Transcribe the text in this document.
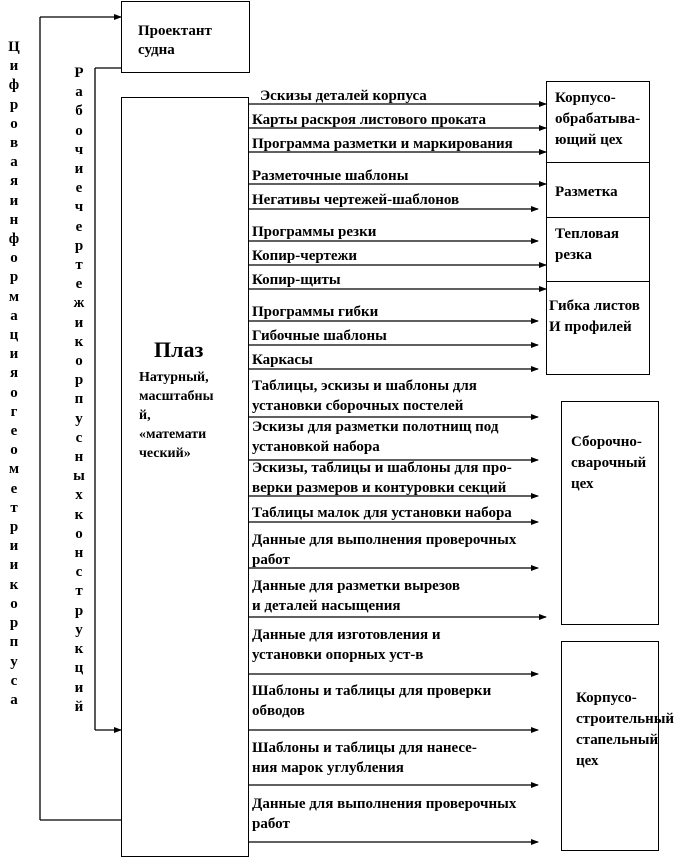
Ц
и
ф
р
о
в
а
я
и
н
ф
о
р
м
а
ц
и
я
о
г
е
о
м
е
т
р
и
и
к
о
р
п
у
с
а
Р
а
б
о
ч
и
е
ч
е
р
т
е
ж
и
к
о
р
п
у
с
н
ы
х
к
о
н
с
т
р
у
к
ц
и
й
Проектант
судна
Плаз
Натурный,
масштабны
й,
«математи
ческий»
Эскизы деталей корпуса
Карты раскроя листового проката
Программа разметки и маркирования
Разметочные шаблоны
Негативы чертежей-шаблонов
Программы резки
Копир-чертежи
Копир-щиты
Программы гибки
Гибочные шаблоны
Каркасы
Таблицы, эскизы и шаблоны для
установки сборочных постелей
Эскизы для разметки полотнищ под
установкой набора
Эскизы, таблицы и шаблоны для про-
верки размеров и контуровки секций
Таблицы малок для установки набора
Данные для выполнения проверочных
работ
Данные для разметки вырезов
и деталей насыщения
Данные для изготовления и
установки опорных уст-в
Шаблоны и таблицы для проверки
обводов
Шаблоны и таблицы для нанесе-
ния марок углубления
Данные для выполнения проверочных
работ
Корпусо-
обрабатыва-
ющий цех
Разметка
Тепловая
резка
Гибка листов
И профилей
Сборочно-
сварочный
цех
Корпусо-
строительный
стапельный
цех
